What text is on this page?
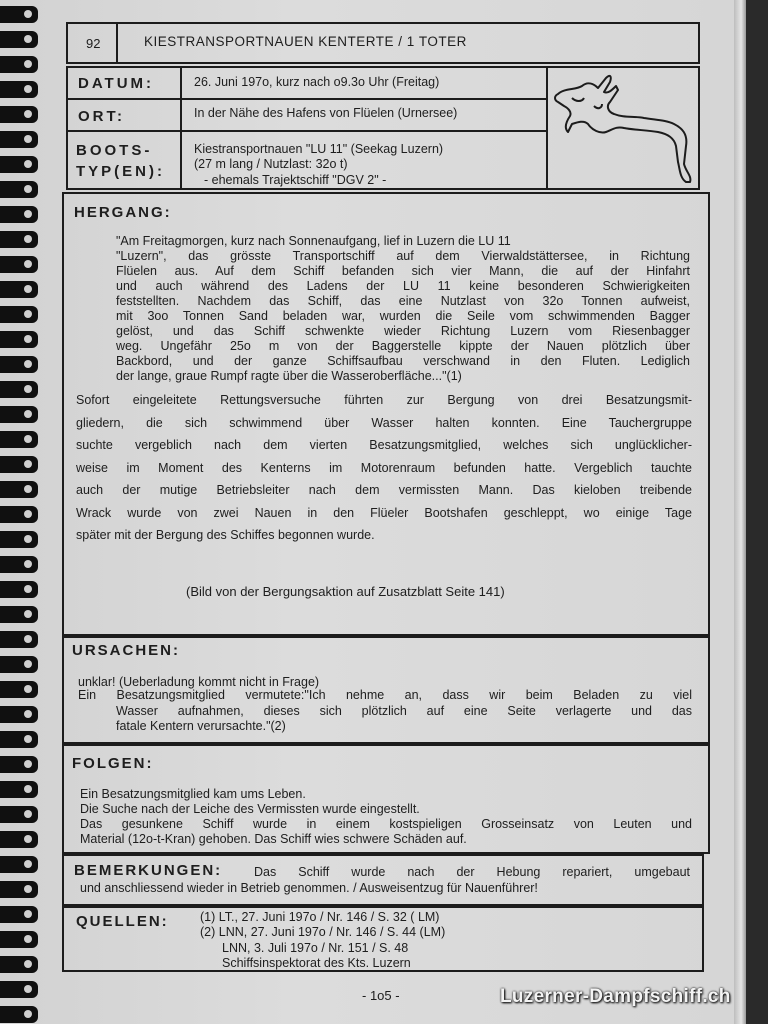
92	KIESTRANSPORTNAUEN KENTERTE / 1 TOTER
DATUM:	26. Juni 197o, kurz nach o9.3o Uhr (Freitag)
ORT:	In der Nähe des Hafens von Flüelen (Urnersee)
BOOTS-
TYP(EN):
Kiestransportnauen "LU 11" (Seekag Luzern)
(27 m lang / Nutzlast: 32o t)
- ehemals Trajektschiff "DGV 2" -
HERGANG:

"Am Freitagmorgen, kurz nach Sonnenaufgang, lief in Luzern die LU 11

"Luzern", das grösste Transportschiff auf dem Vierwaldstättersee, in Richtung

Flüelen aus. Auf dem Schiff befanden sich vier Mann, die auf der Hinfahrt

und auch während des Ladens der LU 11 keine besonderen Schwierigkeiten

feststellten. Nachdem das Schiff, das eine Nutzlast von 32o Tonnen aufweist,

mit 3oo Tonnen Sand beladen war, wurden die Seile vom schwimmenden Bagger

gelöst, und das Schiff schwenkte wieder Richtung Luzern vom Riesenbagger

weg. Ungefähr 25o m von der Baggerstelle kippte der Nauen plötzlich über

Backbord, und der ganze Schiffsaufbau verschwand in den Fluten. Lediglich

der lange, graue Rumpf ragte über die Wasseroberfläche..."(1)

Sofort eingeleitete Rettungsversuche führten zur Bergung von drei Besatzungsmit-

gliedern, die sich schwimmend über Wasser halten konnten. Eine Tauchergruppe

suchte vergeblich nach dem vierten Besatzungsmitglied, welches sich unglücklicher-

weise im Moment des Kenterns im Motorenraum befunden hatte. Vergeblich tauchte

auch der mutige Betriebsleiter nach dem vermissten Mann. Das kieloben treibende

Wrack wurde von zwei Nauen in den Flüeler Bootshafen geschleppt, wo einige Tage

später mit der Bergung des Schiffes begonnen wurde.

(Bild von der Bergungsaktion auf Zusatzblatt Seite 141)
URSACHEN:
unklar! (Ueberladung kommt nicht in Frage)

Ein Besatzungsmitglied vermutete:"Ich nehme an, dass wir beim Beladen zu viel

Wasser aufnahmen, dieses sich plötzlich auf eine Seite verlagerte und das

fatale Kentern verursachte."(2)

FOLGEN:

Ein Besatzungsmitglied kam ums Leben.

Die Suche nach der Leiche des Vermissten wurde eingestellt.

Das gesunkene Schiff wurde in einem kostspieligen Grosseinsatz von Leuten und

Material (12o-t-Kran) gehoben. Das Schiff wies schwere Schäden auf.

BEMERKUNGEN:	Das Schiff wurde nach der Hebung repariert, umgebaut

und anschliessend wieder in Betrieb genommen. / Ausweisentzug für Nauenführer!
QUELLEN:	(1) LT., 27. Juni 197o / Nr. 146 / S. 32 ( LM)
(2) LNN, 27. Juni 197o / Nr. 146 / S. 44 (LM)
LNN, 3. Juli 197o / Nr. 151 / S. 48
Schiffsinspektorat des Kts. Luzern
- 1o5 -	Luzerner-Dampfschiff.ch
